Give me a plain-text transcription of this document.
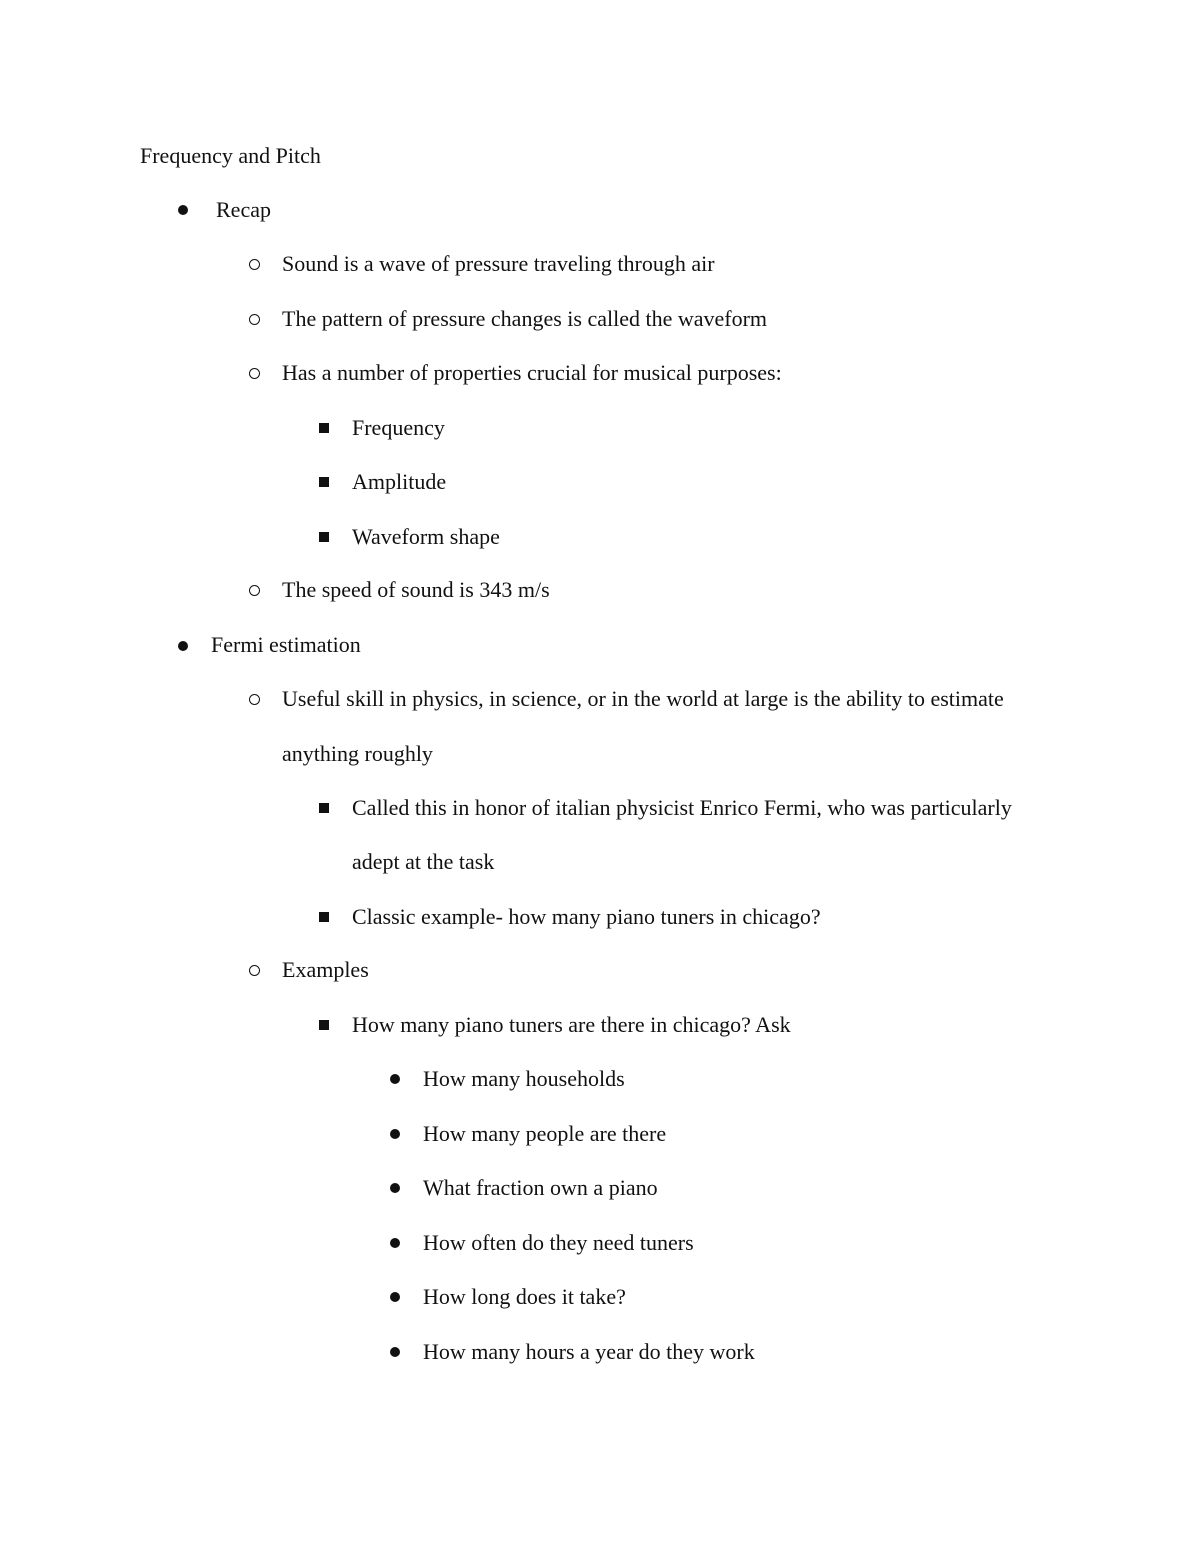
Frequency and Pitch
Recap
Sound is a wave of pressure traveling through air
The pattern of pressure changes is called the waveform
Has a number of properties crucial for musical purposes:
Frequency
Amplitude
Waveform shape
The speed of sound is 343 m/s
Fermi estimation
Useful skill in physics, in science, or in the world at large is the ability to estimate
anything roughly
Called this in honor of italian physicist Enrico Fermi, who was particularly
adept at the task
Classic example- how many piano tuners in chicago?
Examples
How many piano tuners are there in chicago? Ask
How many households
How many people are there
What fraction own a piano
How often do they need tuners
How long does it take?
How many hours a year do they work
